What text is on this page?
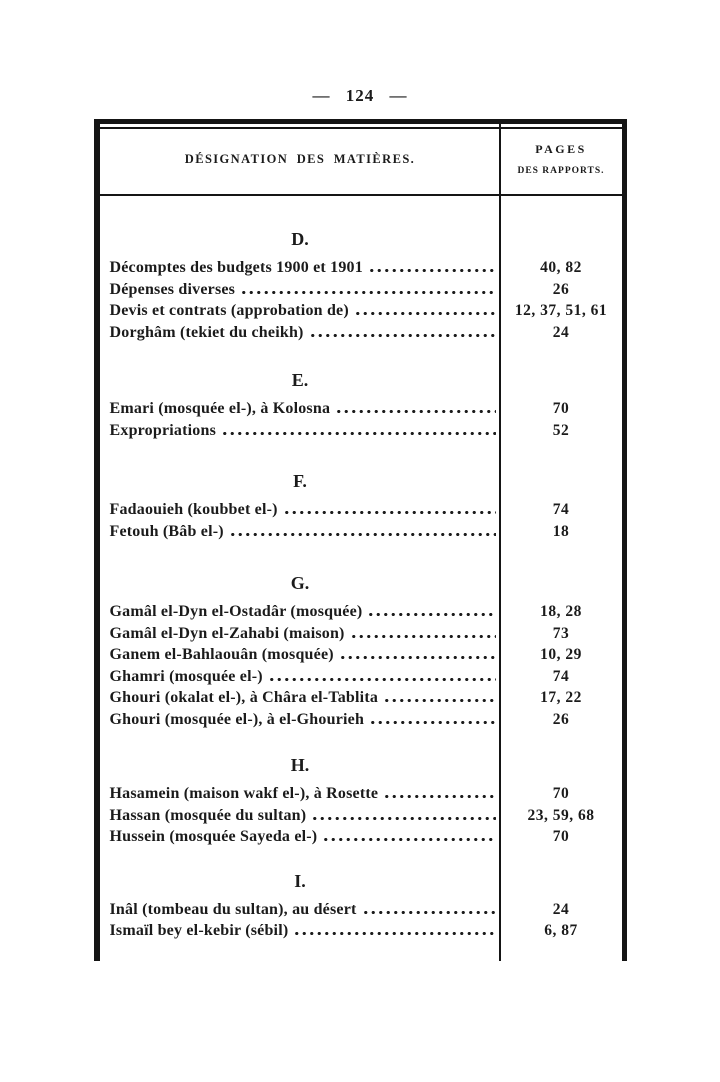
— 124 —
DÉSIGNATION DES MATIÈRES.
PAGES
DES RAPPORTS.
D.
Décomptes des budgets 1900 et 1901	40, 82
Dépenses diverses	26
Devis et contrats (approbation de)	12, 37, 51, 61
Dorghâm (tekiet du cheikh)	24
E.
Emari (mosquée el-), à Kolosna	70
Expropriations	52
F.
Fadaouieh (koubbet el-)	74
Fetouh (Bâb el-)	18
G.
Gamâl el-Dyn el-Ostadâr (mosquée)	18, 28
Gamâl el-Dyn el-Zahabi (maison)	73
Ganem el-Bahlaouân (mosquée)	10, 29
Ghamri (mosquée el-)	74
Ghouri (okalat el-), à Châra el-Tablita	17, 22
Ghouri (mosquée el-), à el-Ghourieh	26
H.
Hasamein (maison wakf el-), à Rosette	70
Hassan (mosquée du sultan)	23, 59, 68
Hussein (mosquée Sayeda el-)	70
I.
Inâl (tombeau du sultan), au désert	24
Ismaïl bey el-kebir (sébil)	6, 87
